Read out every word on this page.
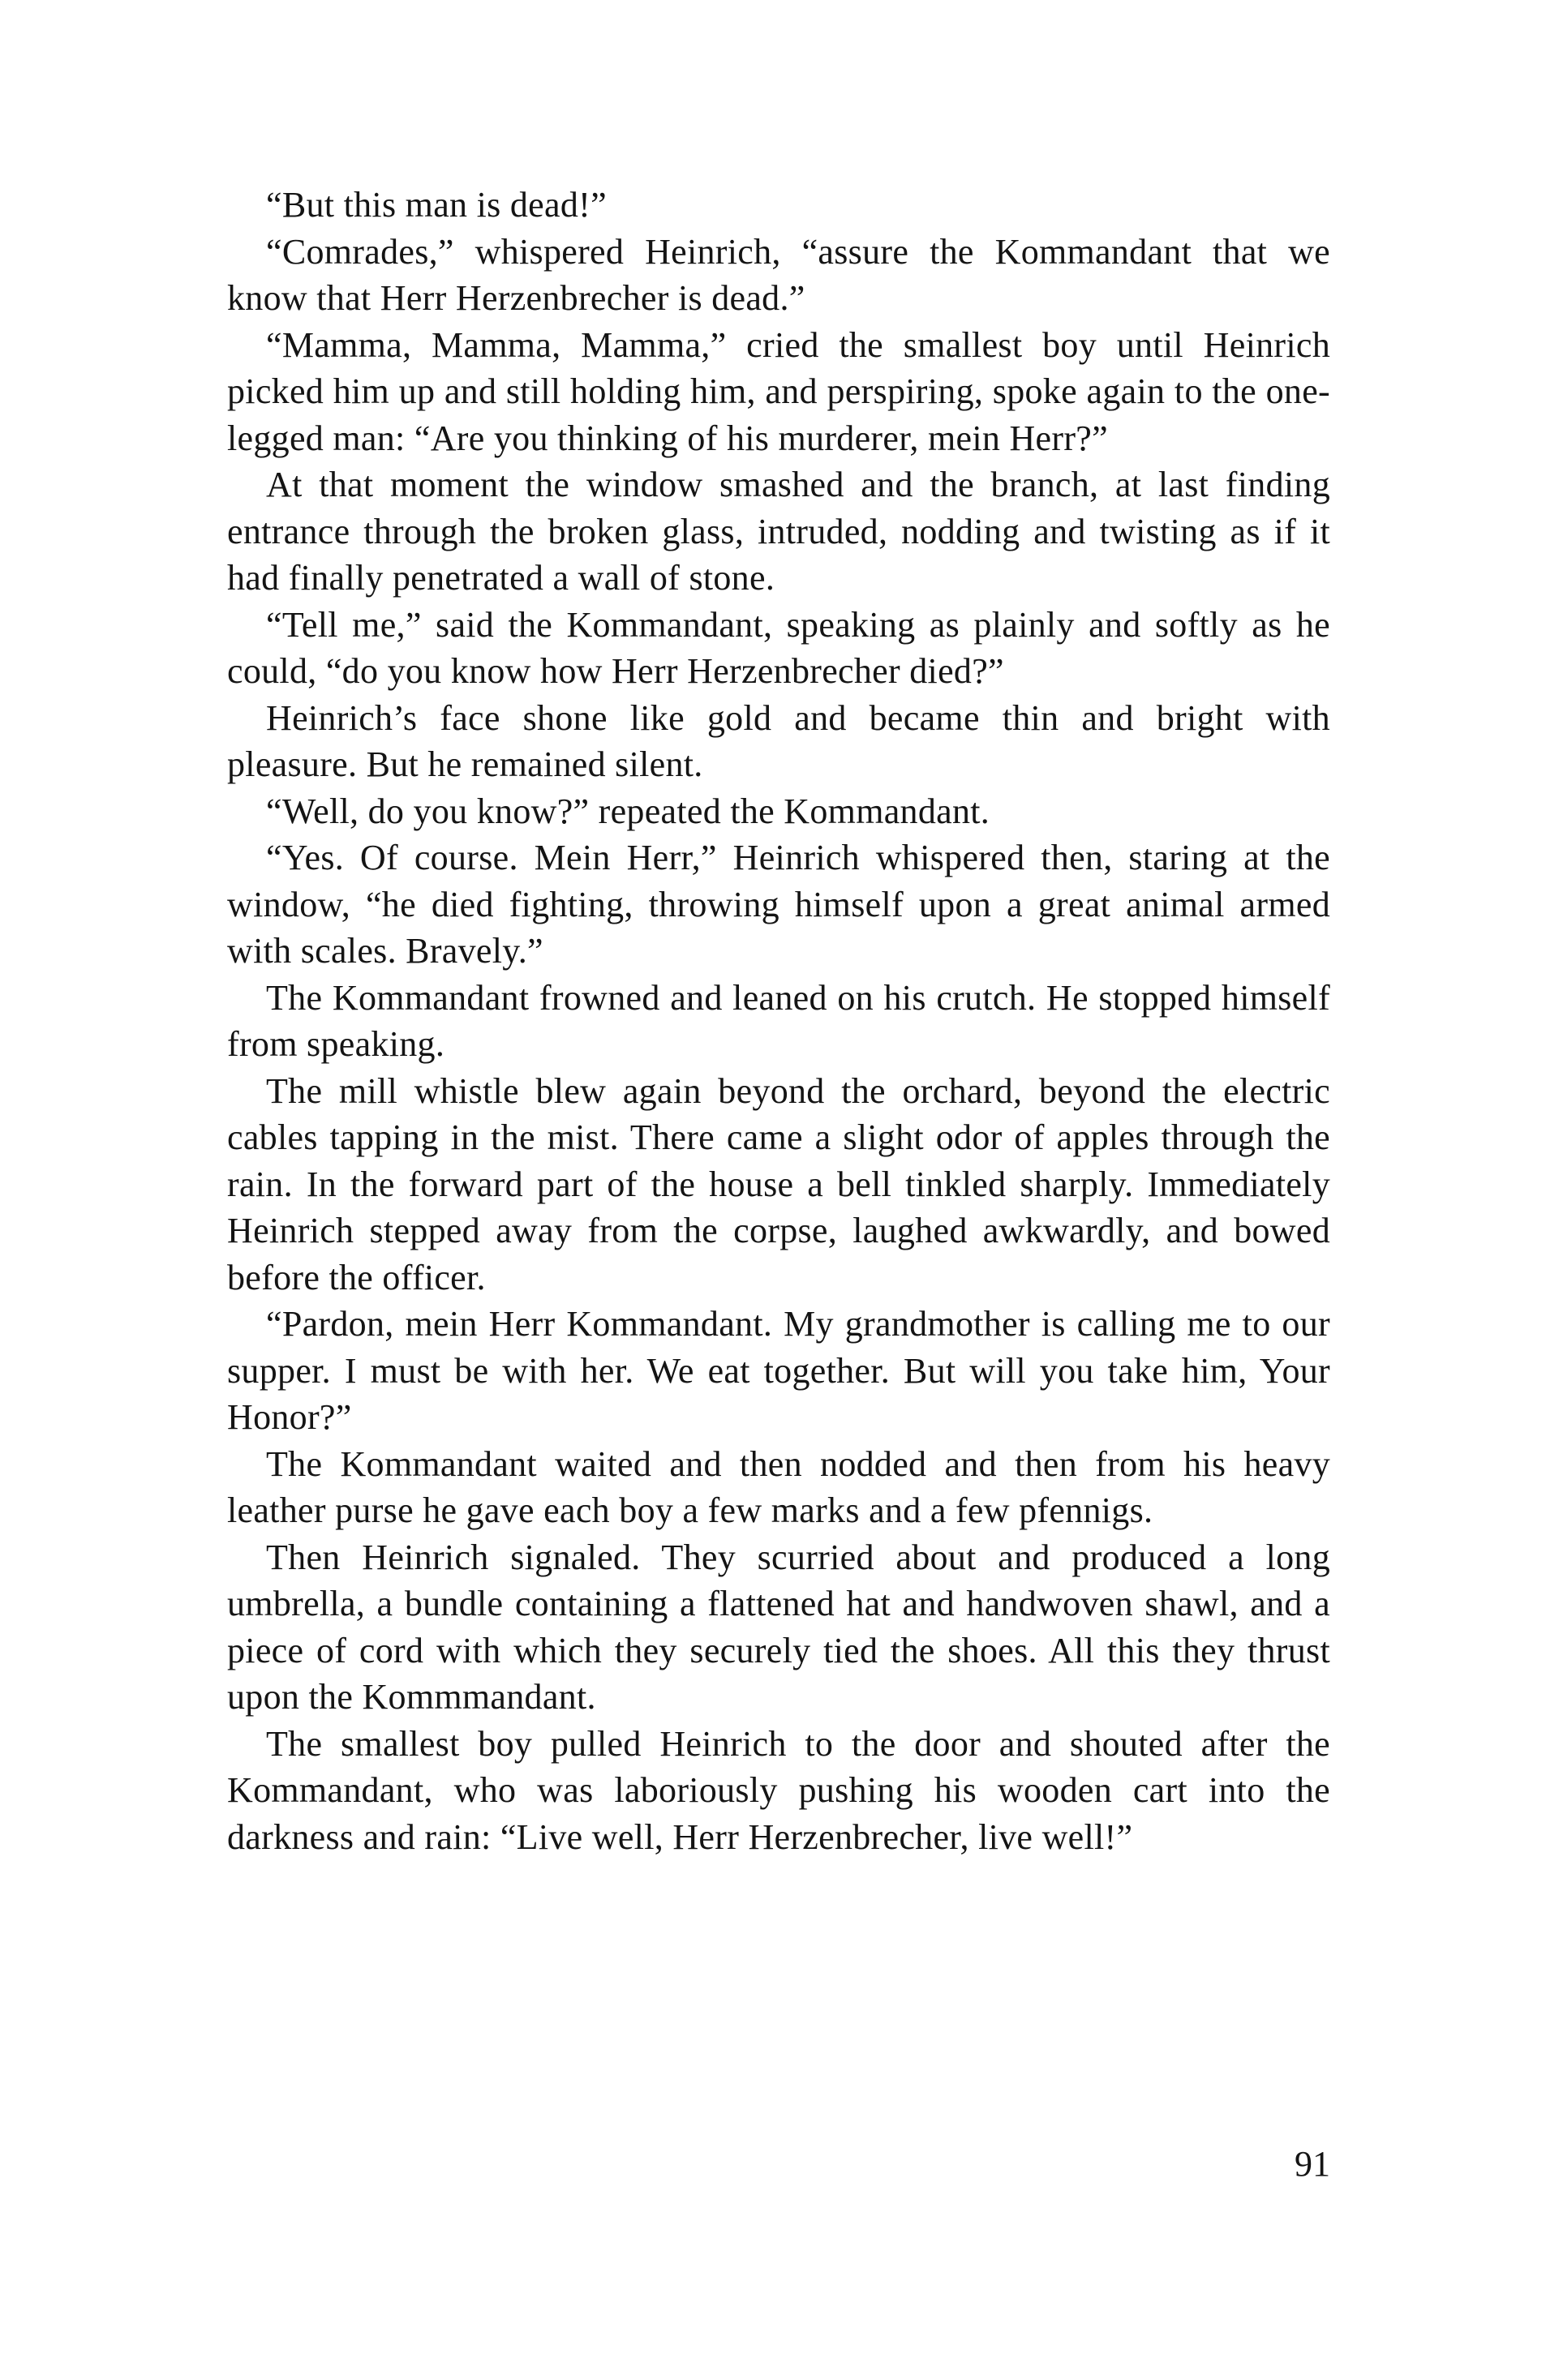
“But this man is dead!”

“Comrades,” whispered Heinrich, “assure the Kommandant that we know that Herr Herzenbrecher is dead.”

“Mamma, Mamma, Mamma,” cried the smallest boy until Heinrich picked him up and still holding him, and perspiring, spoke again to the one-legged man: “Are you thinking of his murderer, mein Herr?”

At that moment the window smashed and the branch, at last finding entrance through the broken glass, intruded, nodding and twisting as if it had finally penetrated a wall of stone.

“Tell me,” said the Kommandant, speaking as plainly and softly as he could, “do you know how Herr Herzenbrecher died?”

Heinrich’s face shone like gold and became thin and bright with pleasure. But he remained silent.

“Well, do you know?” repeated the Kommandant.

“Yes. Of course. Mein Herr,” Heinrich whispered then, staring at the window, “he died fighting, throwing himself upon a great animal armed with scales. Bravely.”

The Kommandant frowned and leaned on his crutch. He stopped himself from speaking.

The mill whistle blew again beyond the orchard, beyond the electric cables tapping in the mist. There came a slight odor of apples through the rain. In the forward part of the house a bell tinkled sharply. Immediately Heinrich stepped away from the corpse, laughed awkwardly, and bowed before the officer.

“Pardon, mein Herr Kommandant. My grandmother is calling me to our supper. I must be with her. We eat together. But will you take him, Your Honor?”

The Kommandant waited and then nodded and then from his heavy leather purse he gave each boy a few marks and a few pfennigs.

Then Heinrich signaled. They scurried about and produced a long umbrella, a bundle containing a flattened hat and handwoven shawl, and a piece of cord with which they securely tied the shoes. All this they thrust upon the Kommmandant.

The smallest boy pulled Heinrich to the door and shouted after the Kommandant, who was laboriously pushing his wooden cart into the darkness and rain: “Live well, Herr Herzenbrecher, live well!”

91
